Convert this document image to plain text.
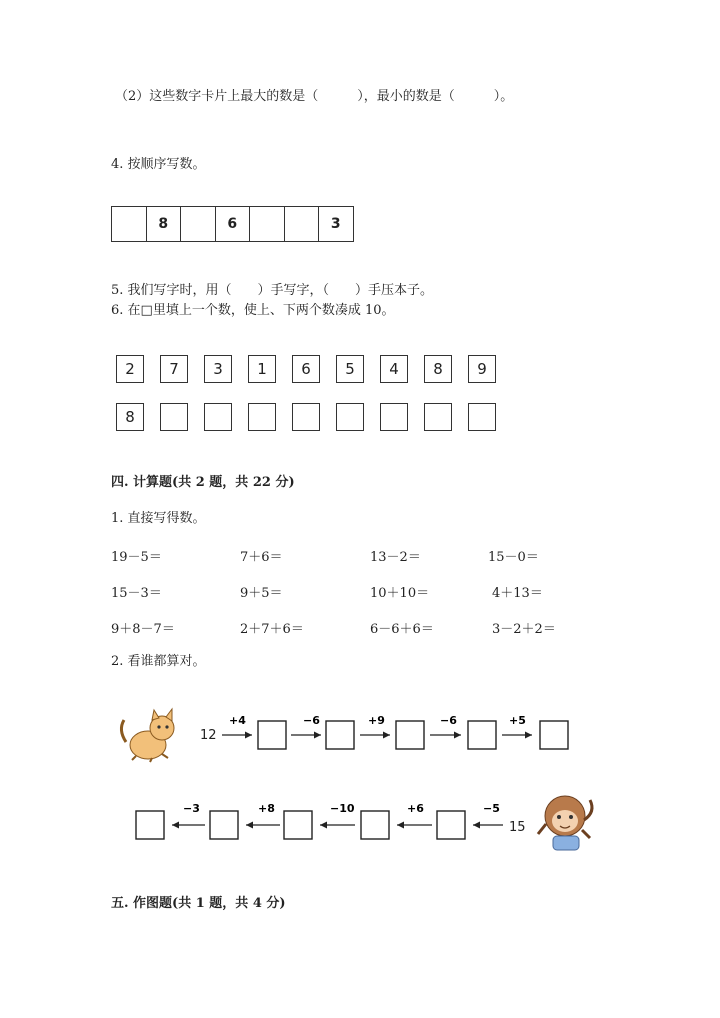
（2）这些数字卡片上最大的数是（　　　），最小的数是（　　　）。
4. 按顺序写数。
8	6	3
5. 我们写字时，用（　　）手写字，（　　）手压本子。
6. 在□里填上一个数，使上、下两个数凑成 10。
2	7	3	1	6	5	4	8	9
8
四. 计算题(共 2 题，共 22 分)
1. 直接写得数。
19－5＝	7＋6＝	13－2＝	15－0＝
15－3＝	9＋5＝	10＋10＝	4＋13＝
9＋8－7＝	2＋7＋6＝	6－6＋6＝	3－2＋2＝
2. 看谁都算对。
12
+4	−6	+9	−6	+5
−3	+8	−10	+6	−5
15
五. 作图题(共 1 题，共 4 分)
